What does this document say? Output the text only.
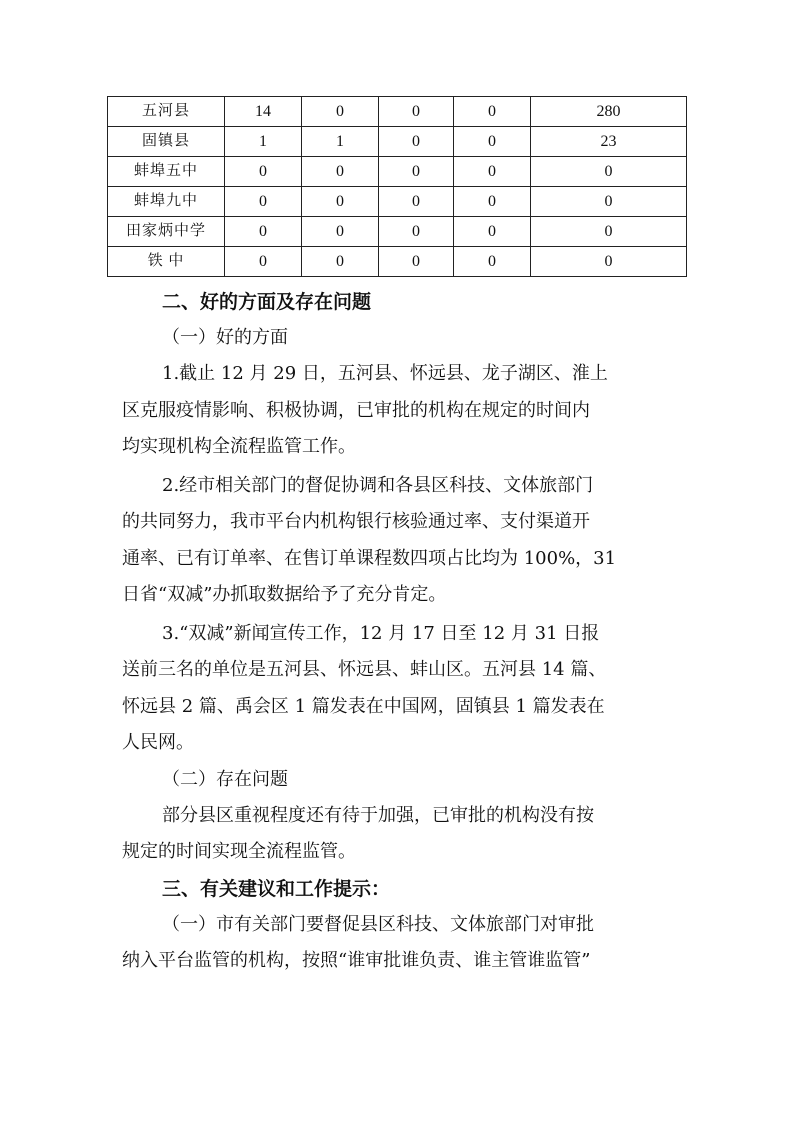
五河县	14	0	0	0	280
固镇县	1	1	0	0	23
蚌埠五中	0	0	0	0	0
蚌埠九中	0	0	0	0	0
田家炳中学	0	0	0	0	0
铁 中	0	0	0	0	0
二、好的方面及存在问题
（一）好的方面
1.截止 12 月 29 日，五河县、怀远县、龙子湖区、淮上
区克服疫情影响、积极协调，已审批的机构在规定的时间内
均实现机构全流程监管工作。
2.经市相关部门的督促协调和各县区科技、文体旅部门
的共同努力，我市平台内机构银行核验通过率、支付渠道开
通率、已有订单率、在售订单课程数四项占比均为 100%，31
日省“双减”办抓取数据给予了充分肯定。
3.“双减”新闻宣传工作，12 月 17 日至 12 月 31 日报
送前三名的单位是五河县、怀远县、蚌山区。五河县 14 篇、
怀远县 2 篇、禹会区 1 篇发表在中国网，固镇县 1 篇发表在
人民网。
（二）存在问题
部分县区重视程度还有待于加强，已审批的机构没有按
规定的时间实现全流程监管。
三、有关建议和工作提示：
（一）市有关部门要督促县区科技、文体旅部门对审批
纳入平台监管的机构，按照“谁审批谁负责、谁主管谁监管”
